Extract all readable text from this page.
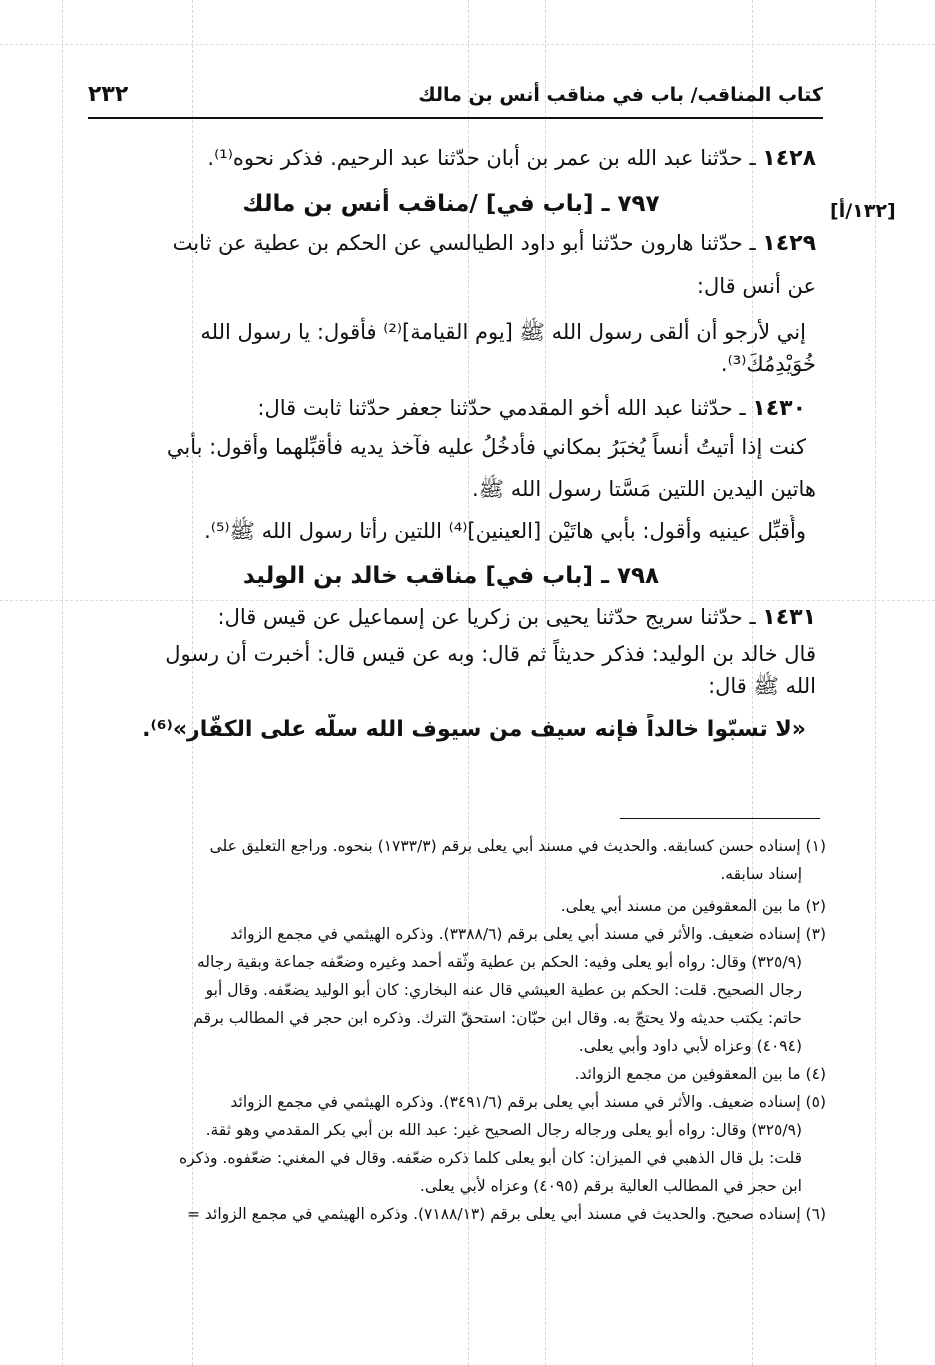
كتاب المناقب/ باب في مناقب أنس بن مالك
٢٣٢
[١٣٢/أ]
١٤٢٨ ـ حدّثنا عبد الله بن عمر بن أبان حدّثنا عبد الرحيم. فذكر نحوه⁽¹⁾.
٧٩٧ ـ [باب في] /مناقب أنس بن مالك
١٤٢٩ ـ حدّثنا هارون حدّثنا أبو داود الطيالسي عن الحكم بن عطية عن ثابت
عن أنس قال:
إني لأرجو أن ألقى رسول الله ﷺ [يوم القيامة]⁽²⁾ فأقول: يا رسول الله
خُوَيْدِمُكَ⁽³⁾.
١٤٣٠ ـ حدّثنا عبد الله أخو المقدمي حدّثنا جعفر حدّثنا ثابت قال:
كنت إذا أتيتُ أنساً يُخبَرُ بمكاني فأدخُلُ عليه فآخذ يديه فأُقبِّلهما وأقول: بأبي
هاتين اليدين اللتين مَسَّتا رسول الله ﷺ.
وأُقبِّل عينيه وأقول: بأبي هاتَيْن [العينين]⁽⁴⁾ اللتين رأتا رسول الله ﷺ⁽⁵⁾.
٧٩٨ ـ [باب في] مناقب خالد بن الوليد
١٤٣١ ـ حدّثنا سريج حدّثنا يحيى بن زكريا عن إسماعيل عن قيس قال:
قال خالد بن الوليد: فذكر حديثاً ثم قال: وبه عن قيس قال: أخبرت أن رسول
الله ﷺ قال:
«لا تسبّوا خالداً فإنه سيف من سيوف الله سلّه على الكفّار»⁽⁶⁾.
(١) إسناده حسن كسابقه. والحديث في مسند أبي يعلى برقم (١٧٣٣/٣) بنحوه. وراجع التعليق على
إسناد سابقه.
(٢) ما بين المعقوفين من مسند أبي يعلى.
(٣) إسناده ضعيف. والأثر في مسند أبي يعلى برقم (٣٣٨٨/٦). وذكره الهيثمي في مجمع الزوائد
(٣٢٥/٩) وقال: رواه أبو يعلى وفيه: الحكم بن عطية وثّقه أحمد وغيره وضعّفه جماعة وبقية رجاله
رجال الصحيح. قلت: الحكم بن عطية العيشي قال عنه البخاري: كان أبو الوليد يضعّفه. وقال أبو
حاتم: يكتب حديثه ولا يحتجّ به. وقال ابن حبّان: استحقّ الترك. وذكره ابن حجر في المطالب برقم
(٤٠٩٤) وعزاه لأبي داود وأبي يعلى.
(٤) ما بين المعقوفين من مجمع الزوائد.
(٥) إسناده ضعيف. والأثر في مسند أبي يعلى برقم (٣٤٩١/٦). وذكره الهيثمي في مجمع الزوائد
(٣٢٥/٩) وقال: رواه أبو يعلى ورجاله رجال الصحيح غير: عبد الله بن أبي بكر المقدمي وهو ثقة.
قلت: بل قال الذهبي في الميزان: كان أبو يعلى كلما ذكره ضعّفه. وقال في المغني: ضعّفوه. وذكره
ابن حجر في المطالب العالية برقم (٤٠٩٥) وعزاه لأبي يعلى.
(٦) إسناده صحيح. والحديث في مسند أبي يعلى برقم (٧١٨٨/١٣). وذكره الهيثمي في مجمع الزوائد =
